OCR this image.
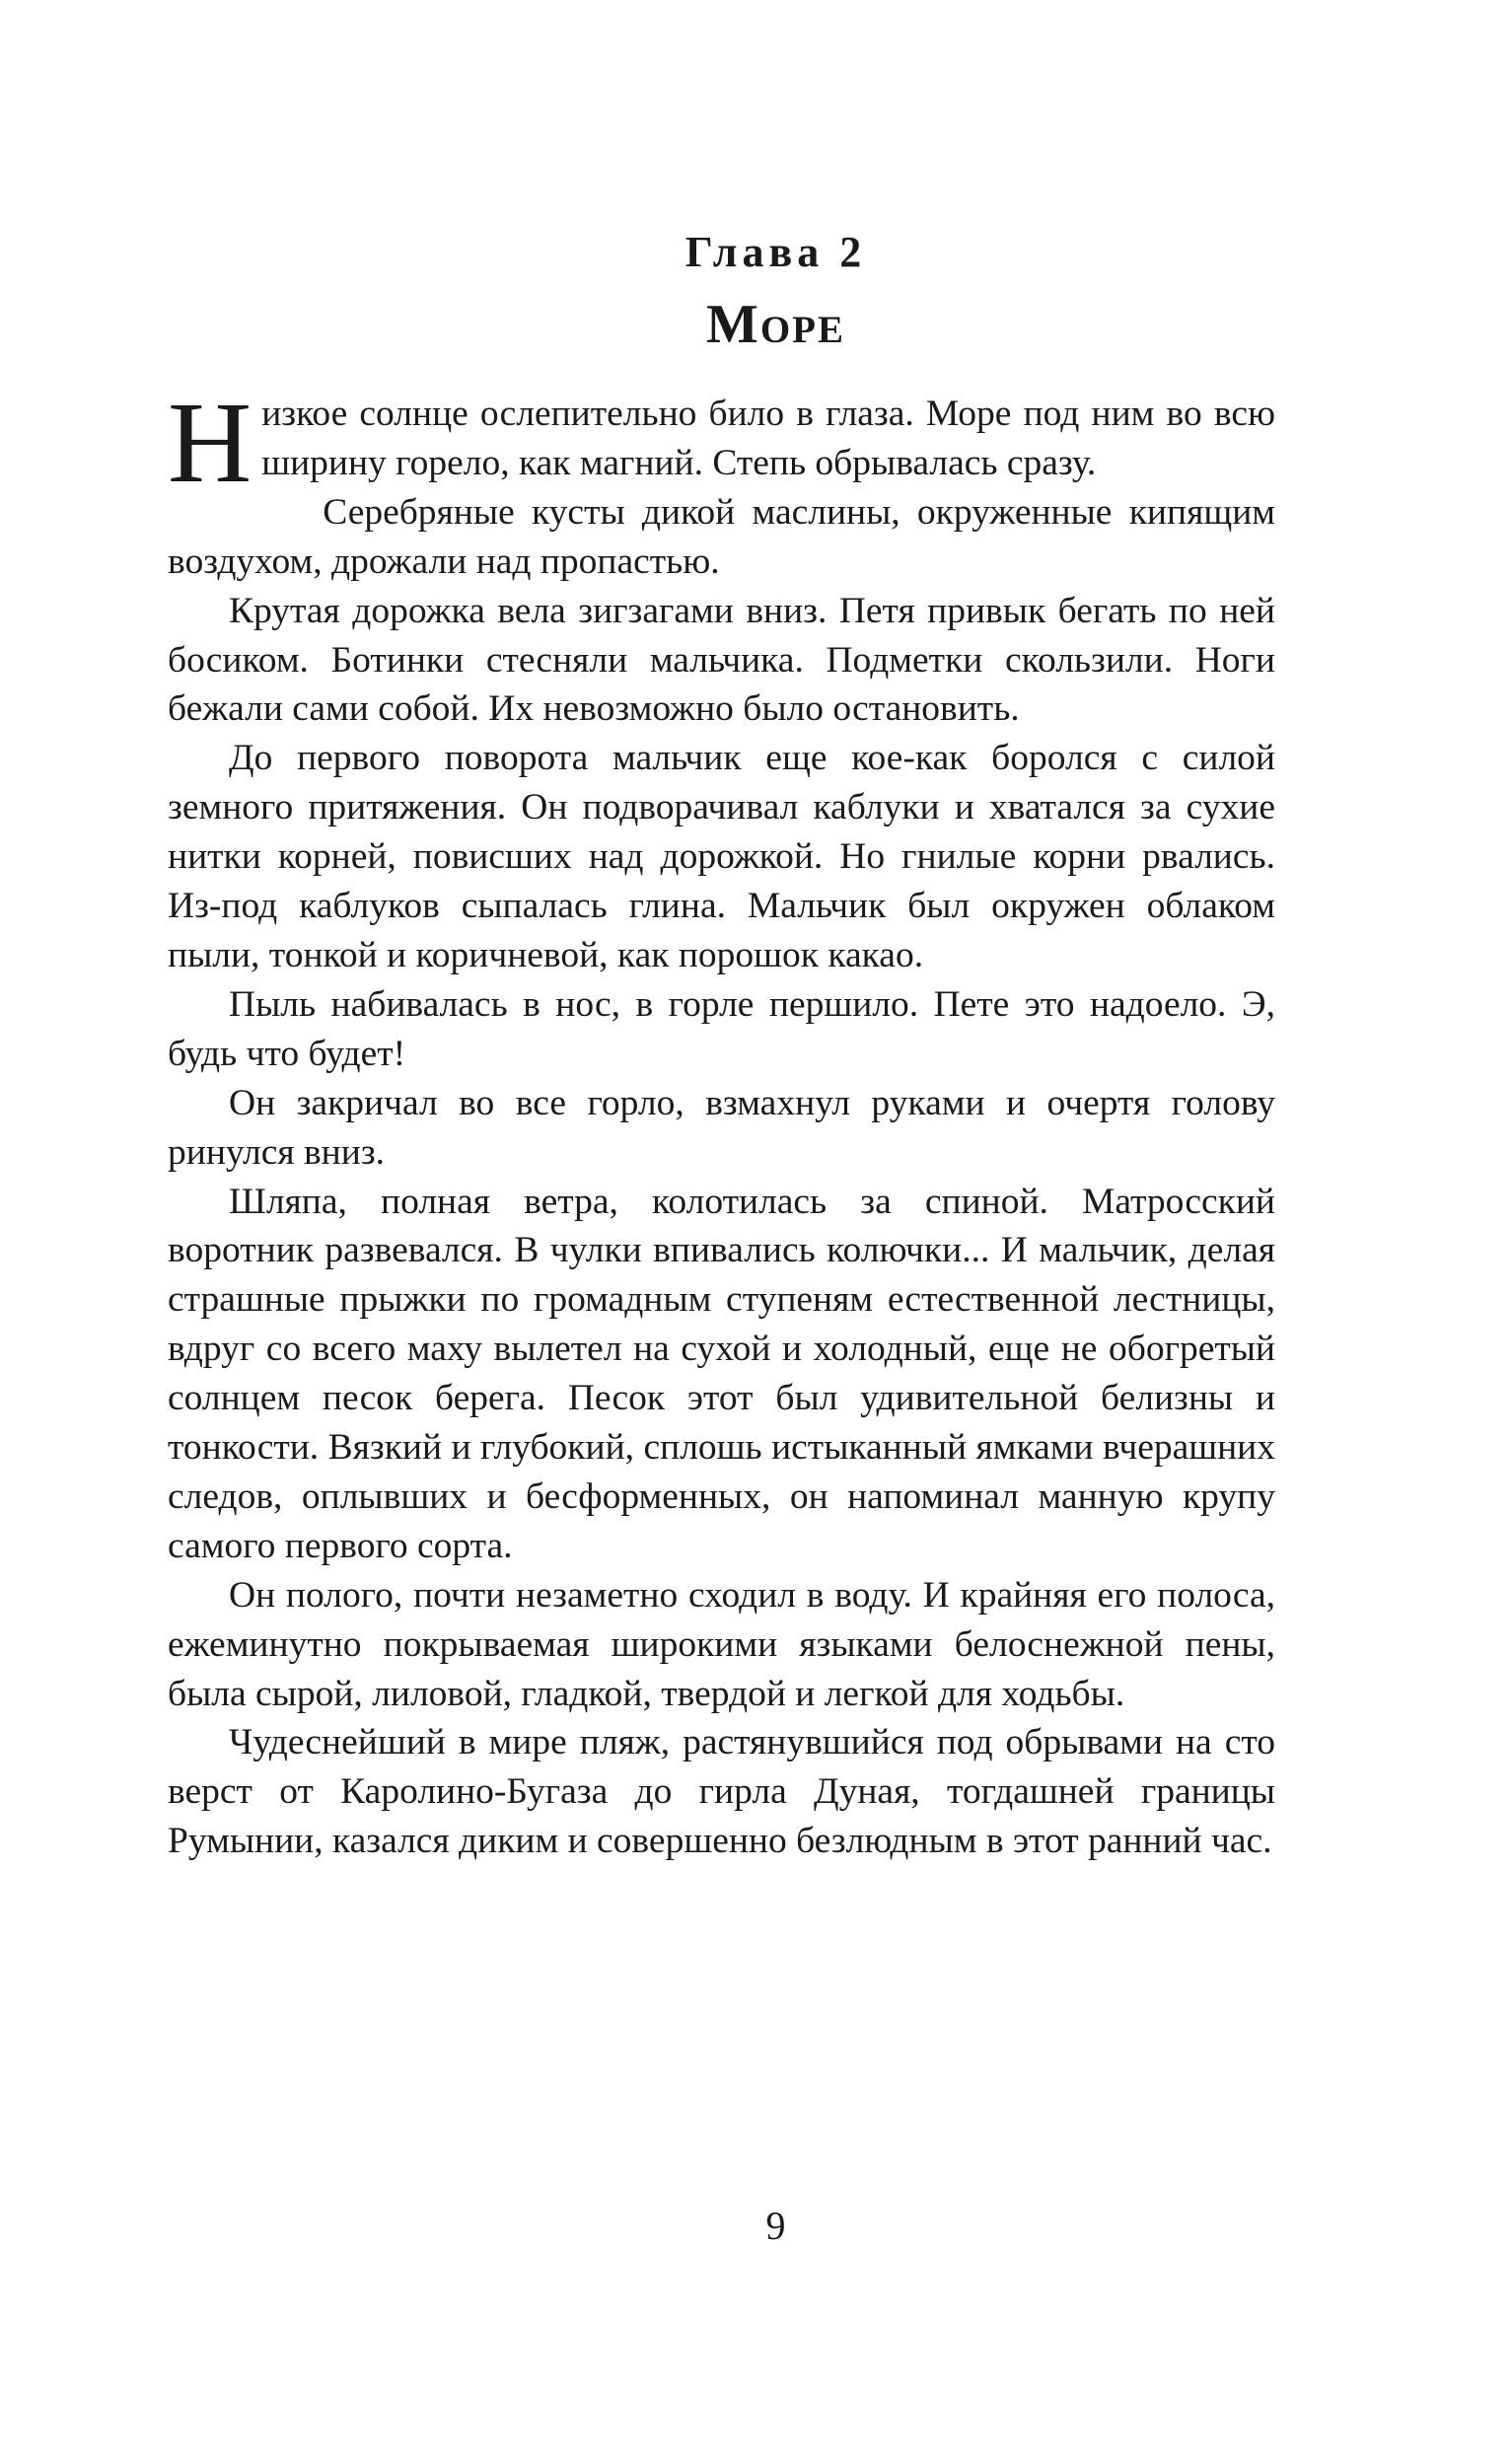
Глава 2
Море

Низкое солнце ослепительно било в глаза. Море под ним во всю ширину горело, как магний. Степь обрывалась сразу.

Серебряные кусты дикой маслины, окруженные кипящим воздухом, дрожали над пропастью.

Крутая дорожка вела зигзагами вниз. Петя привык бегать по ней босиком. Ботинки стесняли мальчика. Подметки скользили. Ноги бежали сами собой. Их невозможно было остановить.

До первого поворота мальчик еще кое-как боролся с силой земного притяжения. Он подворачивал каблуки и хватался за сухие нитки корней, повисших над дорожкой. Но гнилые корни рвались. Из-под каблуков сыпалась глина. Мальчик был окружен облаком пыли, тонкой и коричневой, как порошок какао.

Пыль набивалась в нос, в горле першило. Пете это надоело. Э, будь что будет!

Он закричал во все горло, взмахнул руками и очертя голову ринулся вниз.

Шляпа, полная ветра, колотилась за спиной. Матросский воротник развевался. В чулки впивались колючки... И мальчик, делая страшные прыжки по громадным ступеням естественной лестницы, вдруг со всего маху вылетел на сухой и холодный, еще не обогретый солнцем песок берега. Песок этот был удивительной белизны и тонкости. Вязкий и глубокий, сплошь истыканный ямками вчерашних следов, оплывших и бесформенных, он напоминал манную крупу самого первого сорта.

Он полого, почти незаметно сходил в воду. И крайняя его полоса, ежеминутно покрываемая широкими языками белоснежной пены, была сырой, лиловой, гладкой, твердой и легкой для ходьбы.

Чудеснейший в мире пляж, растянувшийся под обрывами на сто верст от Каролино-Бугаза до гирла Дуная, тогдашней границы Румынии, казался диким и совершенно безлюдным в этот ранний час.

9
